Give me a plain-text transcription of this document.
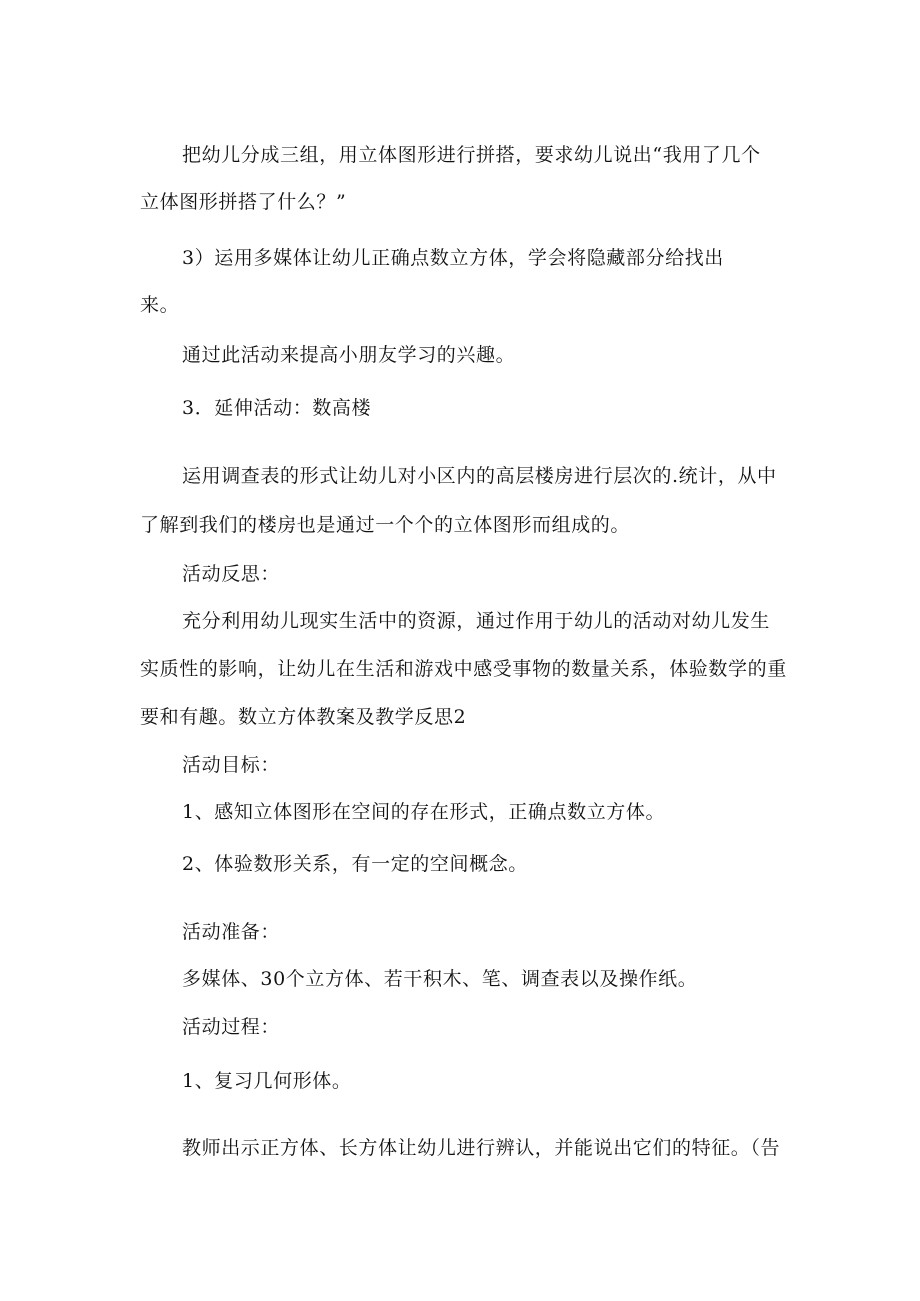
把幼儿分成三组，用立体图形进行拼搭，要求幼儿说出“我用了几个
立体图形拼搭了什么？”
3）运用多媒体让幼儿正确点数立方体，学会将隐藏部分给找出
来。
通过此活动来提高小朋友学习的兴趣。
3．延伸活动：数高楼
运用调查表的形式让幼儿对小区内的高层楼房进行层次的.统计，从中
了解到我们的楼房也是通过一个个的立体图形而组成的。
活动反思：
充分利用幼儿现实生活中的资源，通过作用于幼儿的活动对幼儿发生
实质性的影响，让幼儿在生活和游戏中感受事物的数量关系，体验数学的重
要和有趣。数立方体教案及教学反思2
活动目标：
1、感知立体图形在空间的存在形式，正确点数立方体。
2、体验数形关系，有一定的空间概念。
活动准备：
多媒体、30个立方体、若干积木、笔、调查表以及操作纸。
活动过程：
1、复习几何形体。
教师出示正方体、长方体让幼儿进行辨认，并能说出它们的特征。（告
